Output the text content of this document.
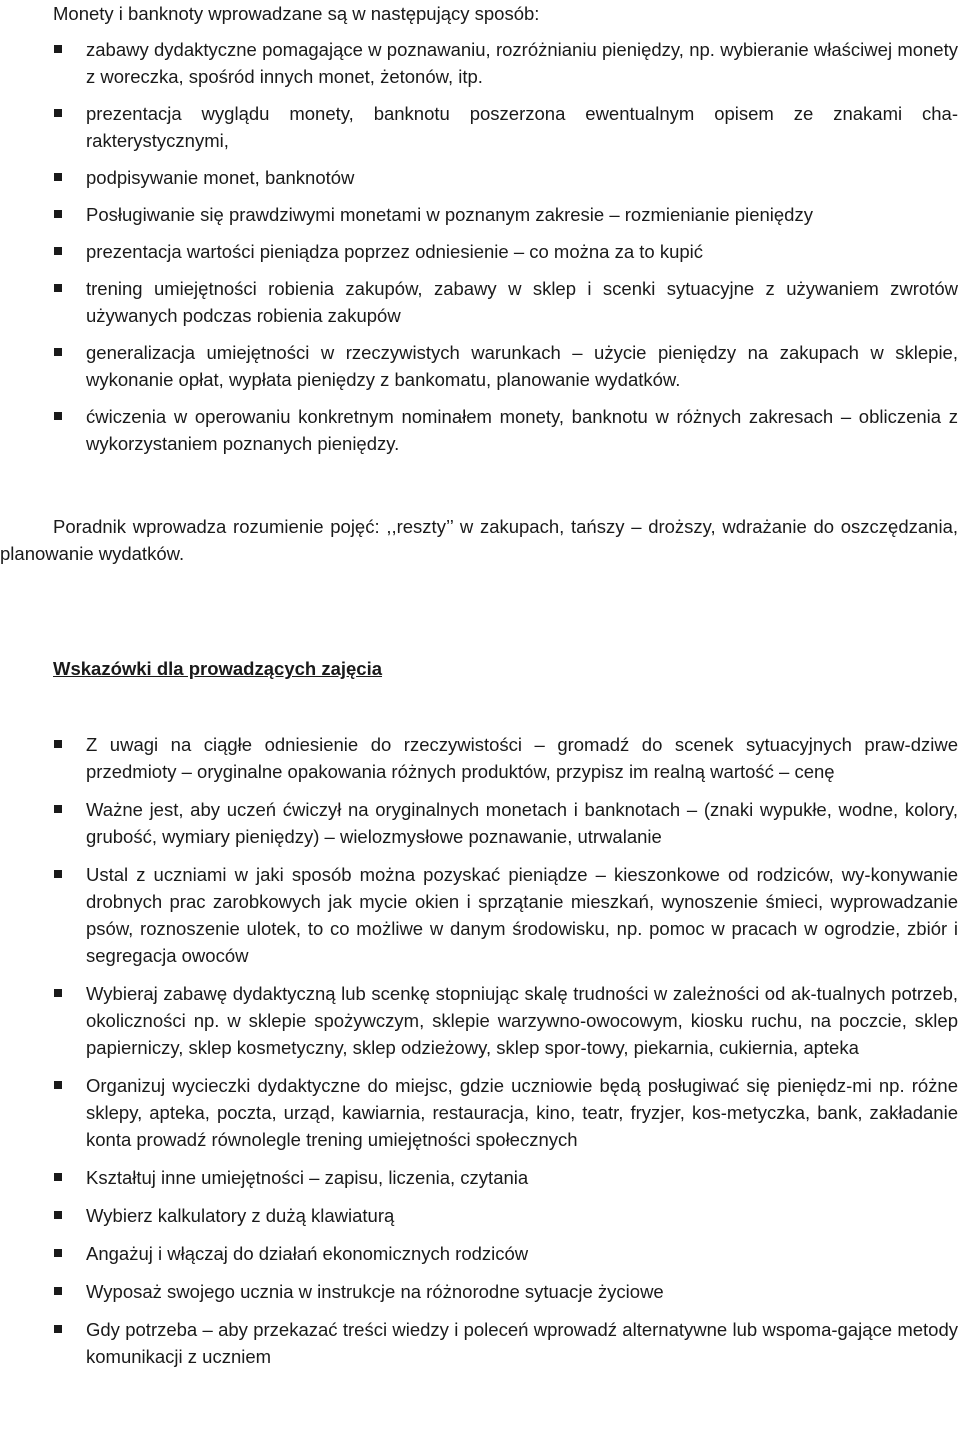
Monety i banknoty wprowadzane są w następujący sposób:
zabawy dydaktyczne pomagające w poznawaniu, rozróżnianiu pieniędzy, np. wybieranie właściwej monety z woreczka, spośród innych monet, żetonów, itp.
prezentacja wyglądu monety, banknotu poszerzona ewentualnym opisem ze znakami cha-rakterystycznymi,
podpisywanie monet, banknotów
Posługiwanie się prawdziwymi monetami w poznanym zakresie – rozmienianie pieniędzy
prezentacja wartości pieniądza poprzez odniesienie – co można za to kupić
trening umiejętności robienia zakupów, zabawy w sklep i scenki sytuacyjne z używaniem zwrotów używanych podczas robienia zakupów
generalizacja umiejętności w rzeczywistych warunkach – użycie pieniędzy na zakupach w sklepie, wykonanie opłat, wypłata pieniędzy z bankomatu, planowanie wydatków.
ćwiczenia w operowaniu konkretnym nominałem monety, banknotu w różnych zakresach – obliczenia z wykorzystaniem poznanych pieniędzy.
Poradnik wprowadza rozumienie pojęć: ,,reszty’’ w zakupach, tańszy – droższy, wdrażanie do oszczędzania, planowanie wydatków.
Wskazówki dla prowadzących zajęcia
Z uwagi na ciągłe odniesienie do rzeczywistości – gromadź do scenek sytuacyjnych praw-dziwe przedmioty – oryginalne opakowania różnych produktów, przypisz im realną wartość – cenę
Ważne jest, aby uczeń ćwiczył na oryginalnych monetach i banknotach – (znaki wypukłe, wodne, kolory, grubość, wymiary pieniędzy) – wielozmysłowe poznawanie, utrwalanie
Ustal z uczniami w jaki sposób można pozyskać pieniądze – kieszonkowe od rodziców, wy-konywanie drobnych prac zarobkowych jak mycie okien i sprzątanie mieszkań, wynoszenie śmieci, wyprowadzanie psów, roznoszenie ulotek, to co możliwe w danym środowisku, np. pomoc w pracach w ogrodzie, zbiór i segregacja owoców
Wybieraj zabawę dydaktyczną lub scenkę stopniując skalę trudności w zależności od ak-tualnych potrzeb, okoliczności np. w sklepie spożywczym, sklepie warzywno-owocowym, kiosku ruchu, na poczcie, sklep papierniczy, sklep kosmetyczny, sklep odzieżowy, sklep spor-towy, piekarnia, cukiernia, apteka
Organizuj wycieczki dydaktyczne do miejsc, gdzie uczniowie będą posługiwać się pieniędz-mi np. różne sklepy, apteka, poczta, urząd, kawiarnia, restauracja, kino, teatr, fryzjer, kos-metyczka, bank, zakładanie konta prowadź równolegle trening umiejętności społecznych
Kształtuj inne umiejętności – zapisu, liczenia, czytania
Wybierz kalkulatory z dużą klawiaturą
Angażuj i włączaj do działań ekonomicznych rodziców
Wyposaż swojego ucznia w instrukcje na różnorodne sytuacje życiowe
Gdy potrzeba – aby przekazać treści wiedzy i poleceń wprowadź alternatywne lub wspoma-gające metody komunikacji z uczniem
